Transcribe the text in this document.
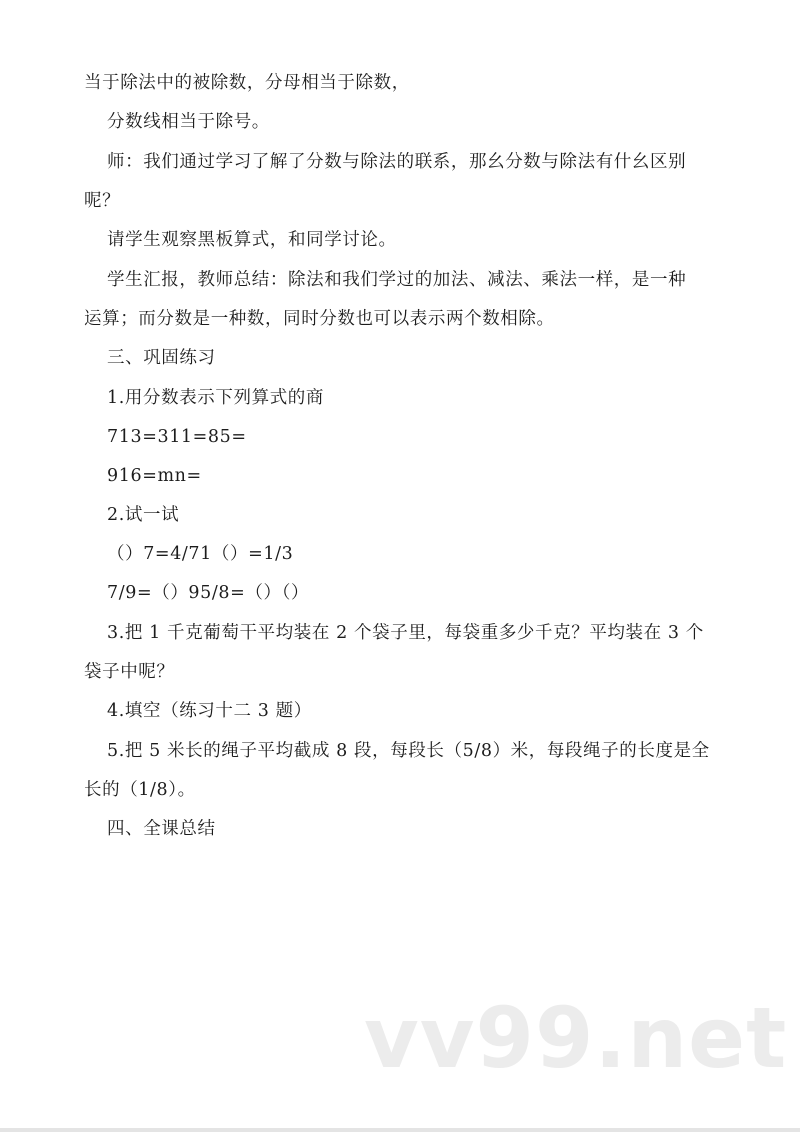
当于除法中的被除数，分母相当于除数，
分数线相当于除号。
师：我们通过学习了解了分数与除法的联系，那幺分数与除法有什幺区别
呢？
请学生观察黑板算式，和同学讨论。
学生汇报，教师总结：除法和我们学过的加法、减法、乘法一样，是一种
运算；而分数是一种数，同时分数也可以表示两个数相除。
三、巩固练习
1.用分数表示下列算式的商
713=311=85=
916=mn=
2.试一试
（）7=4/71（）=1/3
7/9=（）95/8=（）（）
3.把 1 千克葡萄干平均装在 2 个袋子里，每袋重多少千克？平均装在 3 个
袋子中呢？
4.填空（练习十二 3 题）
5.把 5 米长的绳子平均截成 8 段，每段长（5/8）米，每段绳子的长度是全
长的（1/8）。
四、全课总结
vv99.net
